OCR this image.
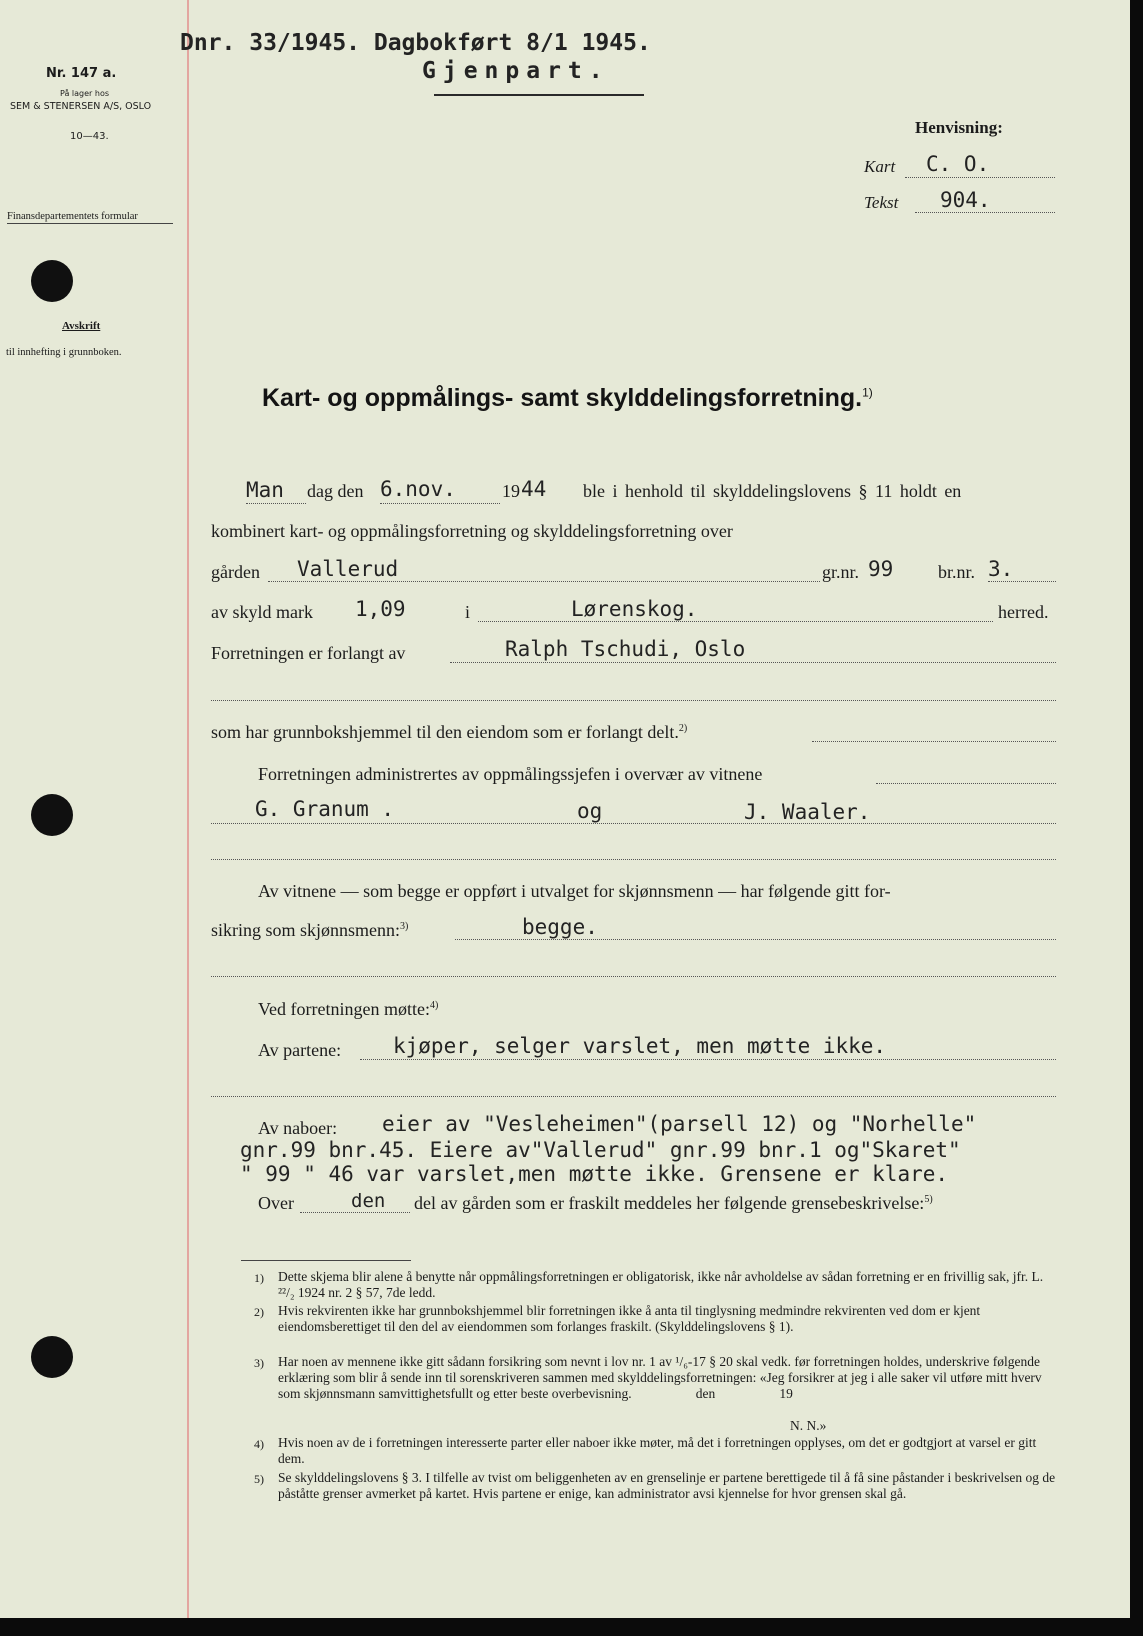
Nr. 147 a.
På lager hos
SEM & STENERSEN A/S, OSLO
10—43.
Finansdepartementets formular
Avskrift
til innhefting i grunnboken.
Dnr. 33/1945. Dagbokført 8/1 1945.
Gjenpart.
Henvisning:
Kart C. O.
Tekst 904.
Kart- og oppmålings- samt skylddelingsforretning.$^{1)}$
Man dag den 6.nov.	19 44 ble i henhold til skylddelingslovens § 11 holdt en
kombinert kart- og oppmålingsforretning og skylddelingsforretning over
gården Vallerud	gr.nr. 99 br.nr. 3.
av skyld mark 1,09	i	Lørenskog.	herred.
Forretningen er forlangt av	Ralph Tschudi, Oslo
som har grunnbokshjemmel til den eiendom som er forlangt delt.$^{2)}$
Forretningen administrertes av oppmålingssjefen i overvær av vitnene
G. Granum .	og	J. Waaler.
Av vitnene — som begge er oppført i utvalget for skjønnsmenn — har følgende gitt for-
sikring som skjønnsmenn:$^{3)}$	begge.
Ved forretningen møtte:$^{4)}$
Av partene: kjøper, selger varslet, men møtte ikke.
Av naboer: eier av "Vesleheimen"(parsell 12) og "Norhelle"
gnr.99 bnr.45. Eiere av"Vallerud" gnr.99 bnr.1 og"Skaret"
" 99 " 46 var varslet,men møtte ikke. Grensene er klare.
Over	den del av gården som er fraskilt meddeles her følgende grensebeskrivelse:$^{5)}$
1) Dette skjema blir alene å benytte når oppmålingsforretningen er obligatorisk, ikke når avholdelse av sådan forretning er en frivillig sak, jfr. L. ²²/₂ 1924 nr. 2 § 57, 7de ledd.
2) Hvis rekvirenten ikke har grunnbokshjemmel blir forretningen ikke å anta til tinglysning medmindre rekvirenten ved dom er kjent eiendomsberettiget til den del av eiendommen som forlanges fraskilt. (Skylddelingslovens § 1).
3) Har noen av mennene ikke gitt sådann forsikring som nevnt i lov nr. 1 av ¹/₆-17 § 20 skal vedk. før forretningen holdes, underskrive følgende erklæring som blir å sende inn til sorenskriveren sammen med skylddelingsforretningen: «Jeg forsikrer at jeg i alle saker vil utføre mitt hverv som skjønnsmann samvittighetsfullt og etter beste overbevisning.                   den                   19
N. N.»
4) Hvis noen av de i forretningen interesserte parter eller naboer ikke møter, må det i forretningen opplyses, om det er godtgjort at varsel er gitt dem.
5) Se skylddelingslovens § 3. I tilfelle av tvist om beliggenheten av en grenselinje er partene berettigede til å få sine påstander i beskrivelsen og de påståtte grenser avmerket på kartet. Hvis partene er enige, kan administrator avsi kjennelse for hvor grensen skal gå.
